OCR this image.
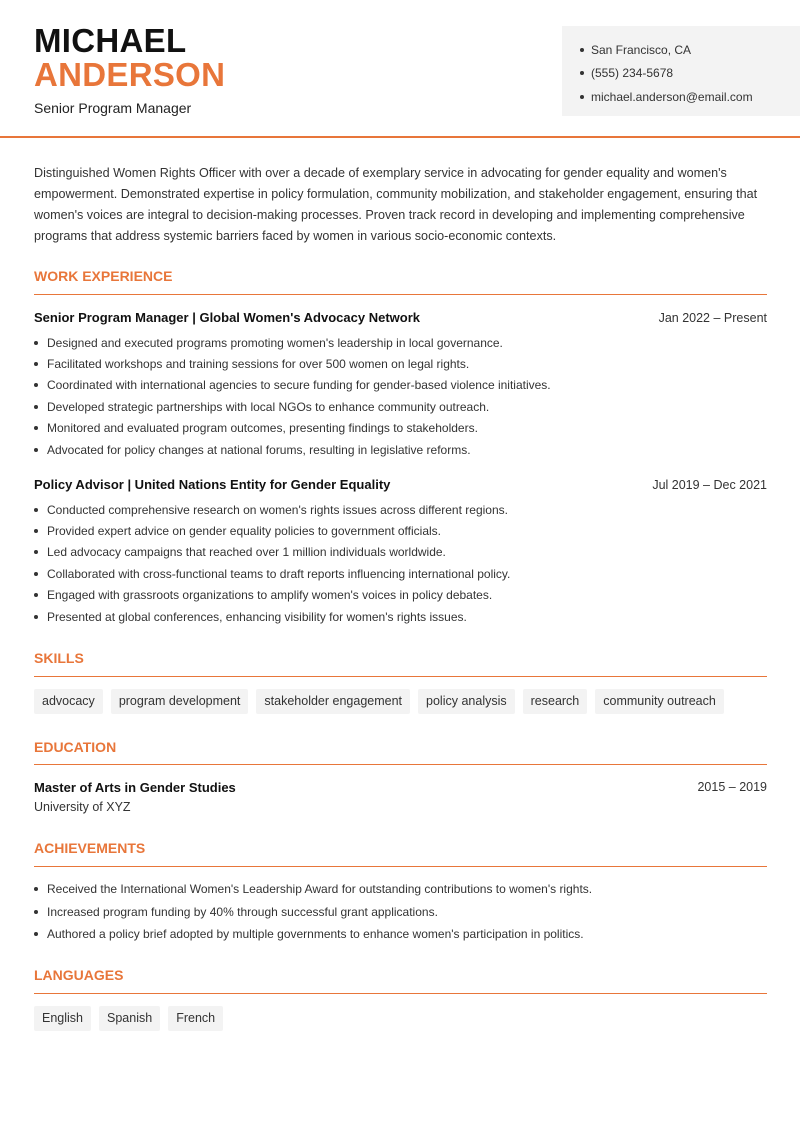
MICHAEL
ANDERSON
Senior Program Manager
San Francisco, CA
(555) 234-5678
michael.anderson@email.com

Distinguished Women Rights Officer with over a decade of exemplary service in advocating for gender equality and women's empowerment. Demonstrated expertise in policy formulation, community mobilization, and stakeholder engagement, ensuring that women's voices are integral to decision-making processes. Proven track record in developing and implementing comprehensive programs that address systemic barriers faced by women in various socio-economic contexts.

WORK EXPERIENCE
Senior Program Manager | Global Women's Advocacy Network	Jan 2022 – Present
Designed and executed programs promoting women's leadership in local governance.
Facilitated workshops and training sessions for over 500 women on legal rights.
Coordinated with international agencies to secure funding for gender-based violence initiatives.
Developed strategic partnerships with local NGOs to enhance community outreach.
Monitored and evaluated program outcomes, presenting findings to stakeholders.
Advocated for policy changes at national forums, resulting in legislative reforms.
Policy Advisor | United Nations Entity for Gender Equality	Jul 2019 – Dec 2021
Conducted comprehensive research on women's rights issues across different regions.
Provided expert advice on gender equality policies to government officials.
Led advocacy campaigns that reached over 1 million individuals worldwide.
Collaborated with cross-functional teams to draft reports influencing international policy.
Engaged with grassroots organizations to amplify women's voices in policy debates.
Presented at global conferences, enhancing visibility for women's rights issues.
SKILLS
advocacy	program development	stakeholder engagement	policy analysis	research	community outreach
EDUCATION
Master of Arts in Gender Studies	2015 – 2019
University of XYZ
ACHIEVEMENTS
Received the International Women's Leadership Award for outstanding contributions to women's rights.
Increased program funding by 40% through successful grant applications.
Authored a policy brief adopted by multiple governments to enhance women's participation in politics.
LANGUAGES
English	Spanish	French
